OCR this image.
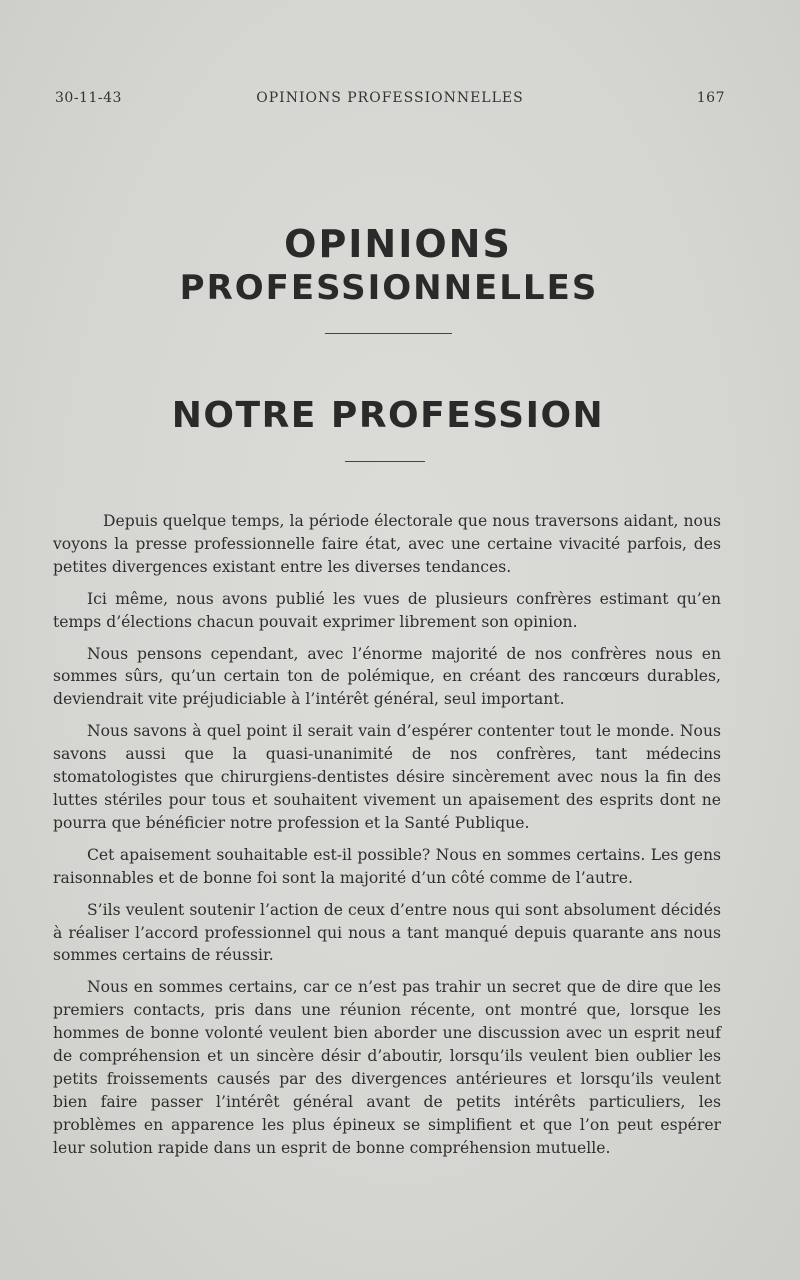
30-11-43	OPINIONS PROFESSIONNELLES	167
OPINIONS
PROFESSIONNELLES
NOTRE PROFESSION

Depuis quelque temps, la période électorale que nous traversons aidant, nous voyons la presse professionnelle faire état, avec une certaine vivacité parfois, des petites divergences existant entre les diverses tendances.

Ici même, nous avons publié les vues de plusieurs confrères estimant qu’en temps d’élections chacun pouvait exprimer librement son opinion.

Nous pensons cependant, avec l’énorme majorité de nos confrères nous en sommes sûrs, qu’un certain ton de polémique, en créant des rancœurs durables, deviendrait vite préjudiciable à l’intérêt général, seul important.

Nous savons à quel point il serait vain d’espérer contenter tout le monde. Nous savons aussi que la quasi-unanimité de nos confrères, tant médecins stomatologistes que chirurgiens-dentistes désire sincèrement avec nous la fin des luttes stériles pour tous et souhaitent vivement un apaisement des esprits dont ne pourra que bénéficier notre profession et la Santé Publique.

Cet apaisement souhaitable est-il possible? Nous en sommes certains. Les gens raisonnables et de bonne foi sont la majorité d’un côté comme de l’autre.

S’ils veulent soutenir l’action de ceux d’entre nous qui sont absolument décidés à réaliser l’accord professionnel qui nous a tant manqué depuis quarante ans nous sommes certains de réussir.

Nous en sommes certains, car ce n’est pas trahir un secret que de dire que les premiers contacts, pris dans une réunion récente, ont montré que, lorsque les hommes de bonne volonté veulent bien aborder une discussion avec un esprit neuf de compréhension et un sincère désir d’aboutir, lorsqu’ils veulent bien oublier les petits froissements causés par des divergences antérieures et lorsqu’ils veulent bien faire passer l’intérêt général avant de petits intérêts particuliers, les problèmes en apparence les plus épineux se simplifient et que l’on peut espérer leur solution rapide dans un esprit de bonne compréhension mutuelle.
